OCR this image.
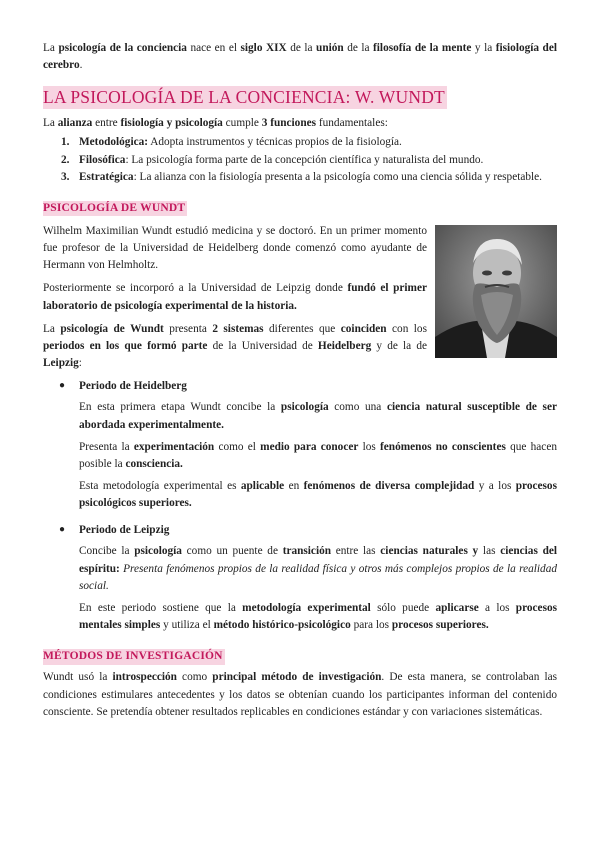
La psicología de la conciencia nace en el siglo XIX de la unión de la filosofía de la mente y la fisiología del cerebro.

LA PSICOLOGÍA DE LA CONCIENCIA: W. WUNDT

La alianza entre fisiología y psicología cumple 3 funciones fundamentales:

1. Metodológica: Adopta instrumentos y técnicas propios de la fisiología.
2. Filosófica: La psicología forma parte de la concepción científica y naturalista del mundo.
3. Estratégica: La alianza con la fisiología presenta a la psicología como una ciencia sólida y respetable.
PSICOLOGÍA DE WUNDT

Wilhelm Maximilian Wundt estudió medicina y se doctoró. En un primer momento fue profesor de la Universidad de Heidelberg donde comenzó como ayudante de Hermann von Helmholtz.

Posteriormente se incorporó a la Universidad de Leipzig donde fundó el primer laboratorio de psicología experimental de la historia.

La psicología de Wundt presenta 2 sistemas diferentes que coinciden con los periodos en los que formó parte de la Universidad de Heidelberg y de la de Leipzig:

● Periodo de Heidelberg

En esta primera etapa Wundt concibe la psicología como una ciencia natural susceptible de ser abordada experimentalmente.

Presenta la experimentación como el medio para conocer los fenómenos no conscientes que hacen posible la consciencia.

Esta metodología experimental es aplicable en fenómenos de diversa complejidad y a los procesos psicológicos superiores.

● Periodo de Leipzig

Concibe la psicología como un puente de transición entre las ciencias naturales y las ciencias del espíritu: Presenta fenómenos propios de la realidad física y otros más complejos propios de la realidad social.

En este periodo sostiene que la metodología experimental sólo puede aplicarse a los procesos mentales simples y utiliza el método histórico-psicológico para los procesos superiores.

MÉTODOS DE INVESTIGACIÓN

Wundt usó la introspección como principal método de investigación. De esta manera, se controlaban las condiciones estimulares antecedentes y los datos se obtenían cuando los participantes informan del contenido consciente. Se pretendía obtener resultados replicables en condiciones estándar y con variaciones sistemáticas.
